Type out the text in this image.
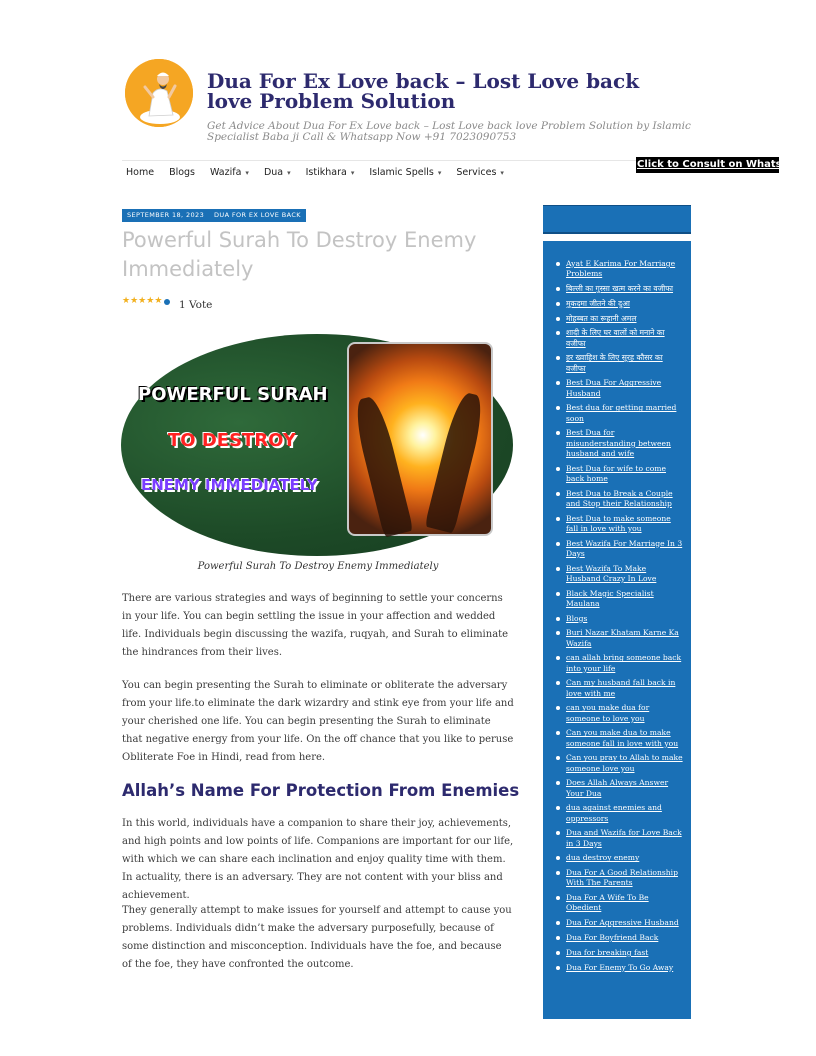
Dua For Ex Love back – Lost Love back love Problem Solution

Get Advice About Dua For Ex Love back – Lost Love back love Problem Solution by Islamic Specialist Baba ji Call & Whatsapp Now +91 7023090753

Home Blogs Wazifa ▾ Dua ▾ Istikhara ▾ Islamic Spells ▾ Services ▾
Click to Consult on Whatsapp
SEPTEMBER 18, 2023	DUA FOR EX LOVE BACK
Powerful Surah To Destroy Enemy Immediately
★ ★ ★ ★ ★ 1 Vote
POWERFUL SURAH
TO DESTROY
ENEMY IMMEDIATELY
Powerful Surah To Destroy Enemy Immediately

There are various strategies and ways of beginning to settle your concerns in your life. You can begin settling the issue in your affection and wedded life. Individuals begin discussing the wazifa, ruqyah, and Surah to eliminate the hindrances from their lives.

You can begin presenting the Surah to eliminate or obliterate the adversary from your life.to eliminate the dark wizardry and stink eye from your life and your cherished one life. You can begin presenting the Surah to eliminate that negative energy from your life. On the off chance that you like to peruse Obliterate Foe in Hindi, read from here.

Allah’s Name For Protection From Enemies

In this world, individuals have a companion to share their joy, achievements, and high points and low points of life. Companions are important for our life, with which we can share each inclination and enjoy quality time with them. In actuality, there is an adversary. They are not content with your bliss and achievement.

They generally attempt to make issues for yourself and attempt to cause you problems. Individuals didn’t make the adversary purposefully, because of some distinction and misconception. Individuals have the foe, and because of the foe, they have confronted the outcome.

Ayat E Karima For Marriage Problems
बिल्ली का गुस्सा खत्म करने का वजीफा
मुकदमा जीतने की दुआ
मोहब्बत का रूहानी अमल
शादी के लिए घर वालों को मनाने का वजीफा
हर ख्वाहिश के लिए सूरह कौसर का वजीफा
Best Dua For Aggressive Husband
Best dua for getting married soon
Best Dua for misunderstanding between husband and wife
Best Dua for wife to come back home
Best Dua to Break a Couple and Stop their Relationship
Best Dua to make someone fall in love with you
Best Wazifa For Marriage In 3 Days
Best Wazifa To Make Husband Crazy In Love
Black Magic Specialist Maulana
Blogs
Buri Nazar Khatam Karne Ka Wazifa
can allah bring someone back into your life
Can my husband fall back in love with me
can you make dua for someone to love you
Can you make dua to make someone fall in love with you
Can you pray to Allah to make someone love you
Does Allah Always Answer Your Dua
dua against enemies and oppressors
Dua and Wazifa for Love Back in 3 Days
dua destroy enemy
Dua For A Good Relationship With The Parents
Dua For A Wife To Be Obedient
Dua For Aggressive Husband
Dua For Boyfriend Back
Dua for breaking fast
Dua For Enemy To Go Away
